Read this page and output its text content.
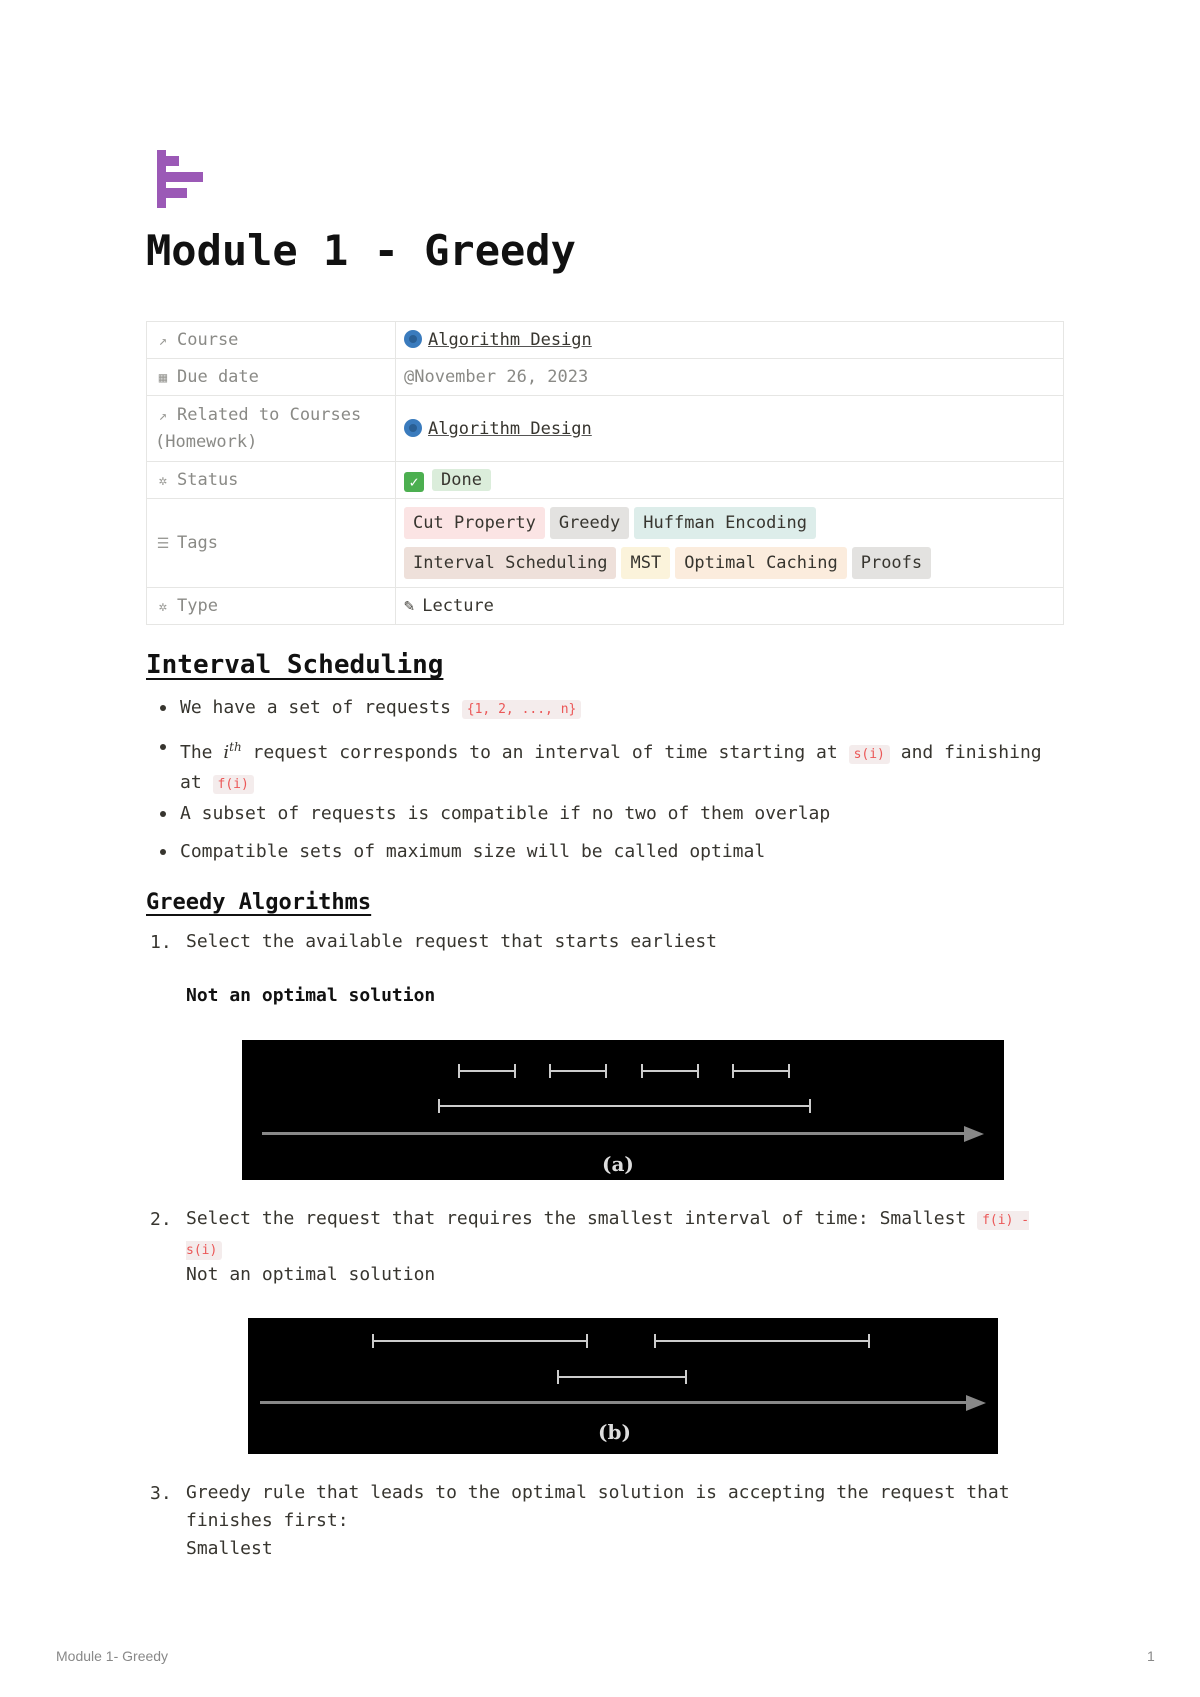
Module 1 - Greedy
↗ Course	Algorithm Design
▦ Due date	@November 26, 2023
↗ Related to Courses (Homework)	Algorithm Design
✲ Status	✓ Done
☰ Tags	Cut Property Greedy Huffman Encoding
Interval Scheduling MST Optimal Caching Proofs
✲ Type	✎ Lecture
Interval Scheduling
We have a set of requests {1, 2, ..., n}
The $i^{th}$ request corresponds to an interval of time starting at s(i) and finishing
at f(i)
A subset of requests is compatible if no two of them overlap
Compatible sets of maximum size will be called optimal
Greedy Algorithms
1. Select the available request that starts earliest
Not an optimal solution
(a)
2. Select the request that requires the smallest interval of time: Smallest f(i) - s(i)
Not an optimal solution
(b)
3. Greedy rule that leads to the optimal solution is accepting the request that
finishes first:
Smallest
Module 1- Greedy	1
